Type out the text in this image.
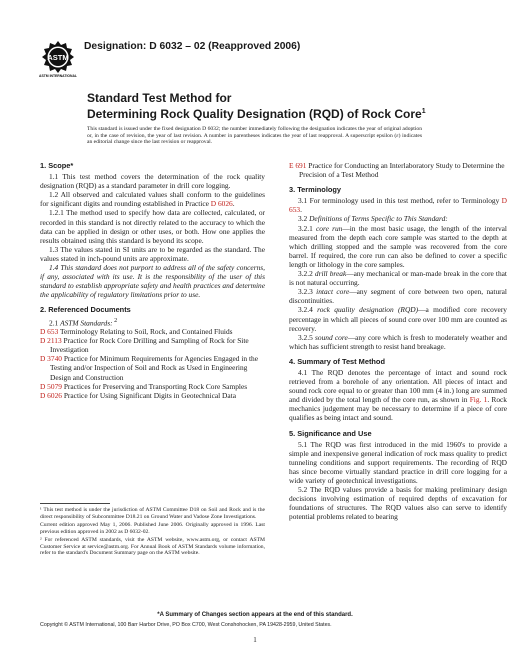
ASTM
ASTM INTERNATIONAL
Designation: D 6032 – 02 (Reapproved 2006)
Standard Test Method for
Determining Rock Quality Designation (RQD) of Rock Core$^1$
This standard is issued under the fixed designation D 6032; the number immediately following the designation indicates the year of original adoption or, in the case of revision, the year of last revision. A number in parentheses indicates the year of last reapproval. A superscript epsilon (ε) indicates an editorial change since the last revision or reapproval.

1. Scope*

1.1 This test method covers the determination of the rock quality designation (RQD) as a standard parameter in drill core logging.

1.2 All observed and calculated values shall conform to the guidelines for significant digits and rounding established in Practice D 6026.

1.2.1 The method used to specify how data are collected, calculated, or recorded in this standard is not directly related to the accuracy to which the data can be applied in design or other uses, or both. How one applies the results obtained using this standard is beyond its scope.

1.3 The values stated in SI units are to be regarded as the standard. The values stated in inch-pound units are approximate.

1.4 This standard does not purport to address all of the safety concerns, if any, associated with its use. It is the responsibility of the user of this standard to establish appropriate safety and health practices and determine the applicability of regulatory limitations prior to use.

2. Referenced Documents

2.1 ASTM Standards: $^2$

D 653 Terminology Relating to Soil, Rock, and Contained Fluids

D 2113 Practice for Rock Core Drilling and Sampling of Rock for Site Investigation

D 3740 Practice for Minimum Requirements for Agencies Engaged in the Testing and/or Inspection of Soil and Rock as Used in Engineering Design and Construction

D 5079 Practices for Preserving and Transporting Rock Core Samples

D 6026 Practice for Using Significant Digits in Geotechnical Data

¹ This test method is under the jurisdiction of ASTM Committee D18 on Soil and Rock and is the direct responsibility of Subcommittee D18.21 on Ground Water and Vadose Zone Investigations.

Current edition approved May 1, 2006. Published June 2006. Originally approved in 1996. Last previous edition approved in 2002 as D 6032-02.

² For referenced ASTM standards, visit the ASTM website, www.astm.org, or contact ASTM Customer Service at service@astm.org. For Annual Book of ASTM Standards volume information, refer to the standard's Document Summary page on the ASTM website.

E 691 Practice for Conducting an Interlaboratory Study to Determine the Precision of a Test Method

3. Terminology

3.1 For terminology used in this test method, refer to Terminology D 653.

3.2 Definitions of Terms Specific to This Standard:

3.2.1 core run—in the most basic usage, the length of the interval measured from the depth each core sample was started to the depth at which drilling stopped and the sample was recovered from the core barrel. If required, the core run can also be defined to cover a specific length or lithology in the core samples.

3.2.2 drill break—any mechanical or man-made break in the core that is not natural occurring.

3.2.3 intact core—any segment of core between two open, natural discontinuities.

3.2.4 rock quality designation (RQD)—a modified core recovery percentage in which all pieces of sound core over 100 mm are counted as recovery.

3.2.5 sound core—any core which is fresh to moderately weather and which has sufficient strength to resist hand breakage.

4. Summary of Test Method

4.1 The RQD denotes the percentage of intact and sound rock retrieved from a borehole of any orientation. All pieces of intact and sound rock core equal to or greater than 100 mm (4 in.) long are summed and divided by the total length of the core run, as shown in Fig. 1. Rock mechanics judgement may be necessary to determine if a piece of core qualifies as being intact and sound.

5. Significance and Use

5.1 The RQD was first introduced in the mid 1960's to provide a simple and inexpensive general indication of rock mass quality to predict tunneling conditions and support requirements. The recording of RQD has since become virtually standard practice in drill core logging for a wide variety of geotechnical investigations.

5.2 The RQD values provide a basis for making preliminary design decisions involving estimation of required depths of excavation for foundations of structures. The RQD values also can serve to identify potential problems related to bearing

*A Summary of Changes section appears at the end of this standard.
Copyright © ASTM International, 100 Barr Harbor Drive, PO Box C700, West Conshohocken, PA 19428-2959, United States.
1
